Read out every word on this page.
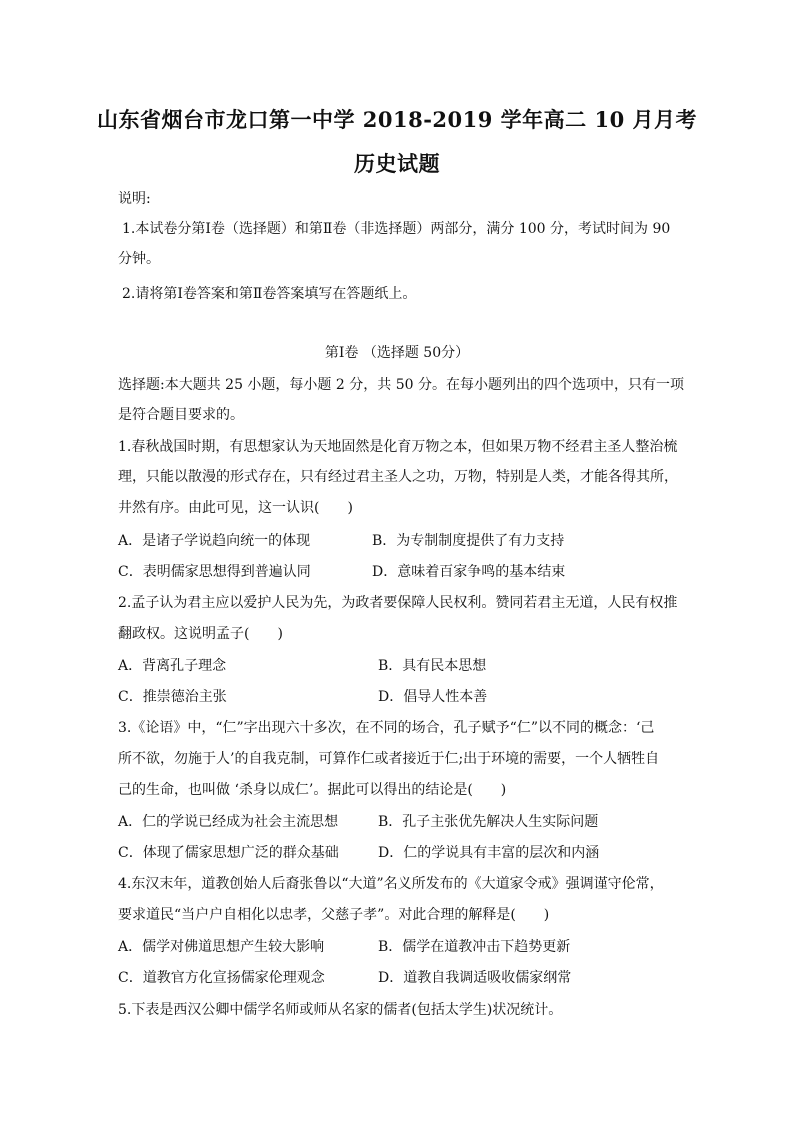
山东省烟台市龙口第一中学 2018-2019 学年高二 10 月月考
历史试题
说明:
1.本试卷分第Ⅰ卷（选择题）和第Ⅱ卷（非选择题）两部分，满分 100 分，考试时间为 90
分钟。
2.请将第Ⅰ卷答案和第Ⅱ卷答案填写在答题纸上。
第Ⅰ卷 （选择题 50分）
选择题:本大题共 25 小题，每小题 2 分，共 50 分。在每小题列出的四个选项中，只有一项
是符合题目要求的。
1.春秋战国时期，有思想家认为天地固然是化育万物之本，但如果万物不经君主圣人整治梳
理，只能以散漫的形式存在，只有经过君主圣人之功，万物，特别是人类，才能各得其所，
井然有序。由此可见，这一认识(　　)
A．是诸子学说趋向统一的体现	B．为专制制度提供了有力支持
C．表明儒家思想得到普遍认同	D．意味着百家争鸣的基本结束
2.孟子认为君主应以爱护人民为先，为政者要保障人民权利。赞同若君主无道，人民有权推
翻政权。这说明孟子(　　)
A．背离孔子理念	B．具有民本思想
C．推崇德治主张	D．倡导人性本善
3.《论语》中，“仁”字出现六十多次，在不同的场合，孔子赋予“仁”以不同的概念：‘己
所不欲，勿施于人’的自我克制，可算作仁或者接近于仁;出于环境的需要，一个人牺牲自
己的生命，也叫做 ‘杀身以成仁’。据此可以得出的结论是(　　)
A．仁的学说已经成为社会主流思想	B．孔子主张优先解决人生实际问题
C．体现了儒家思想广泛的群众基础	D．仁的学说具有丰富的层次和内涵
4.东汉末年，道教创始人后裔张鲁以“大道”名义所发布的《大道家令戒》强调谨守伦常，
要求道民“当户户自相化以忠孝，父慈子孝”。对此合理的解释是(　　)
A．儒学对佛道思想产生较大影响	B．儒学在道教冲击下趋势更新
C．道教官方化宣扬儒家伦理观念	D．道教自我调适吸收儒家纲常
5.下表是西汉公卿中儒学名师或师从名家的儒者(包括太学生)状况统计。
